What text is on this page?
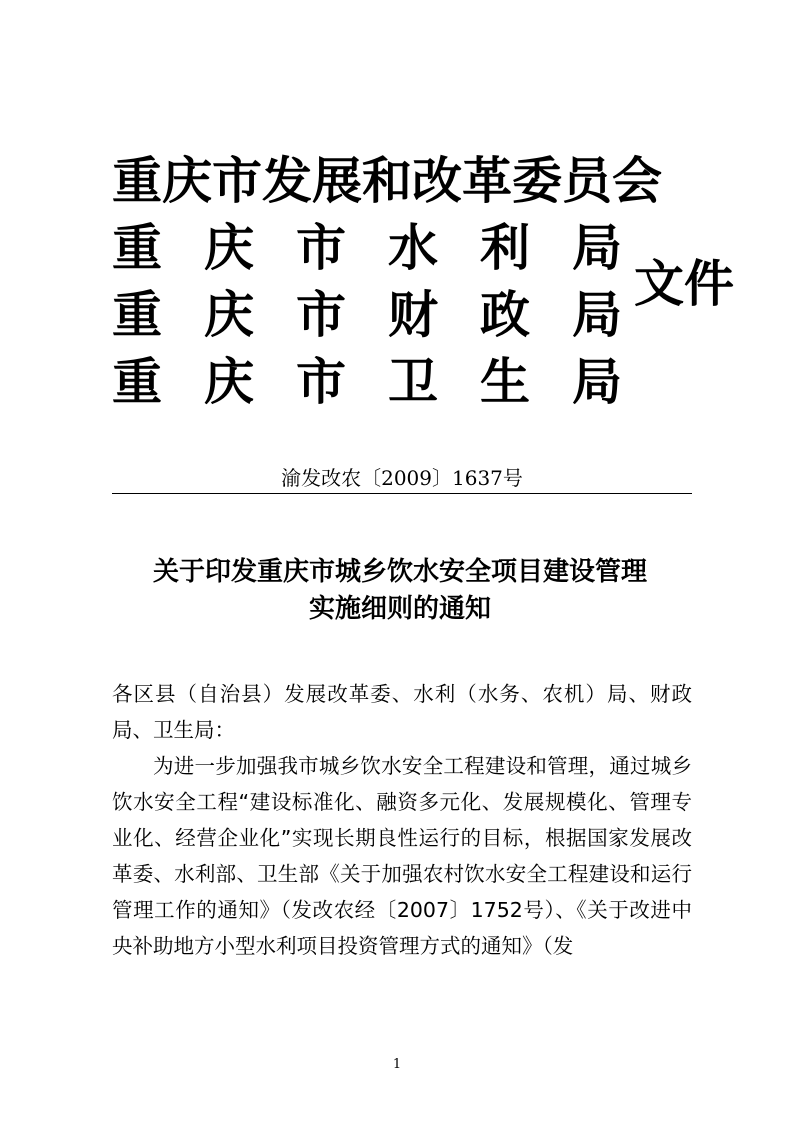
重庆市发展和改革委员会
重 庆 市 水 利 局
重 庆 市 财 政 局
重 庆 市 卫 生 局
文件
渝发改农〔2009〕1637号
关于印发重庆市城乡饮水安全项目建设管理
实施细则的通知

各区县（自治县）发展改革委、水利（水务、农机）局、财政局、卫生局：

为进一步加强我市城乡饮水安全工程建设和管理，通过城乡饮水安全工程“建设标准化、融资多元化、发展规模化、管理专业化、经营企业化”实现长期良性运行的目标，根据国家发展改革委、水利部、卫生部《关于加强农村饮水安全工程建设和运行管理工作的通知》（发改农经〔2007〕1752号）、《关于改进中央补助地方小型水利项目投资管理方式的通知》（发

1
